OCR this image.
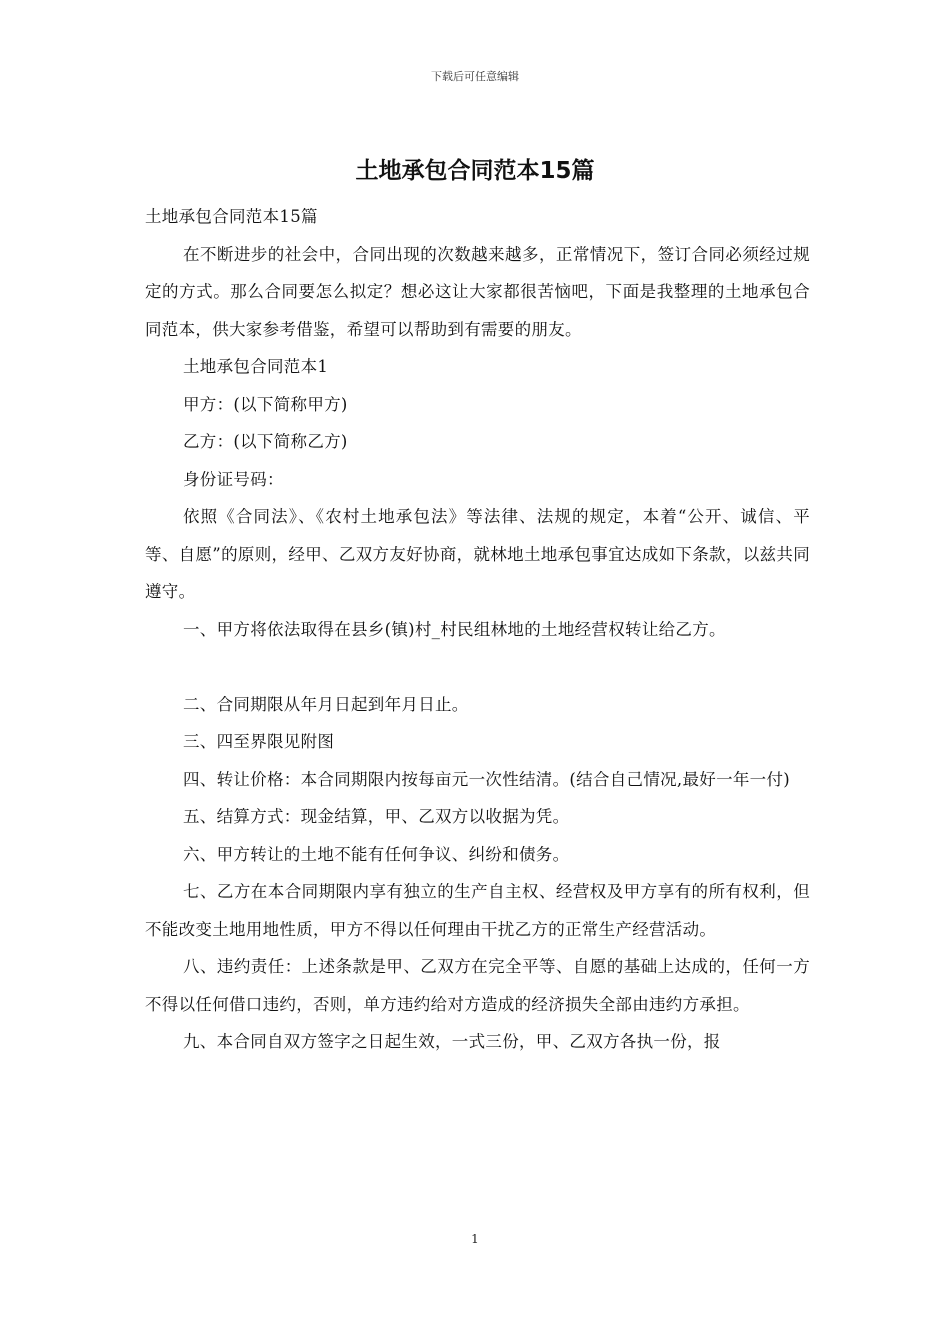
下载后可任意编辑
土地承包合同范本15篇

土地承包合同范本15篇

在不断进步的社会中，合同出现的次数越来越多，正常情况下，签订合同必须经过规定的方式。那么合同要怎么拟定？想必这让大家都很苦恼吧，下面是我整理的土地承包合同范本，供大家参考借鉴，希望可以帮助到有需要的朋友。

土地承包合同范本1

甲方：(以下简称甲方)

乙方：(以下简称乙方)

身份证号码：

依照《合同法》、《农村土地承包法》等法律、法规的规定，本着“公开、诚信、平等、自愿”的原则，经甲、乙双方友好协商，就林地土地承包事宜达成如下条款，以兹共同遵守。

一、甲方将依法取得在县乡(镇)村_村民组林地的土地经营权转让给乙方。

二、合同期限从年月日起到年月日止。

三、四至界限见附图

四、转让价格：本合同期限内按每亩元一次性结清。(结合自己情况,最好一年一付)

五、结算方式：现金结算，甲、乙双方以收据为凭。

六、甲方转让的土地不能有任何争议、纠纷和债务。

七、乙方在本合同期限内享有独立的生产自主权、经营权及甲方享有的所有权利，但不能改变土地用地性质，甲方不得以任何理由干扰乙方的正常生产经营活动。

八、违约责任：上述条款是甲、乙双方在完全平等、自愿的基础上达成的，任何一方不得以任何借口违约，否则，单方违约给对方造成的经济损失全部由违约方承担。

九、本合同自双方签字之日起生效，一式三份，甲、乙双方各执一份，报

1
